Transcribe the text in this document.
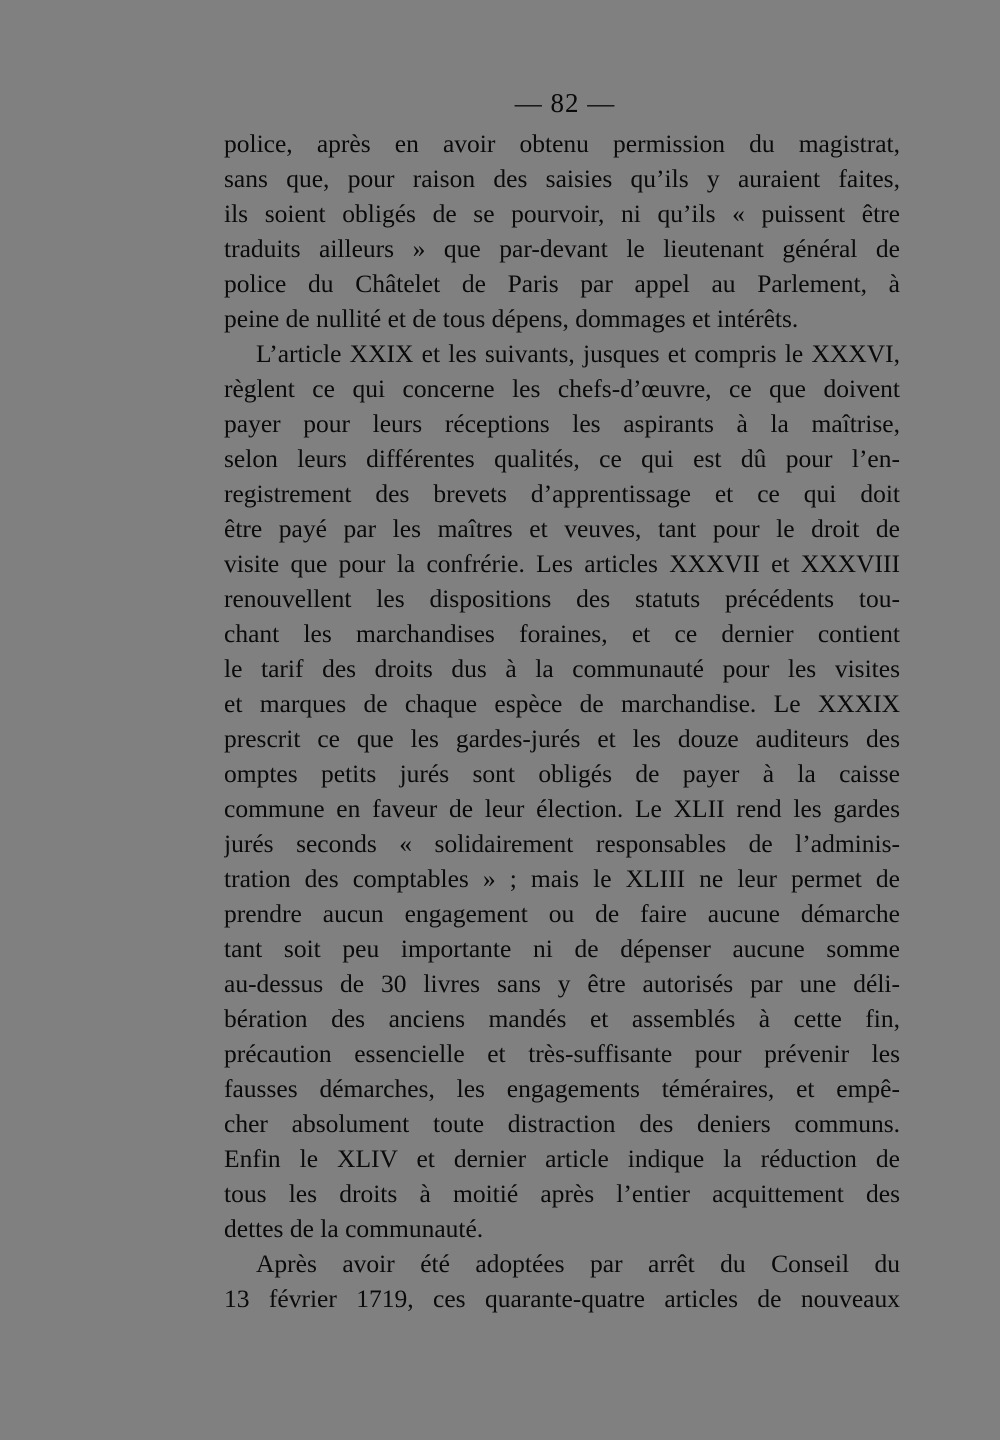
— 82 —
police, après en avoir obtenu permission du magistrat,
sans que, pour raison des saisies qu’ils y auraient faites,
ils soient obligés de se pourvoir, ni qu’ils « puissent être
traduits ailleurs » que par-devant le lieutenant général de
police du Châtelet de Paris par appel au Parlement, à
peine de nullité et de tous dépens, dommages et intérêts.
L’article XXIX et les suivants, jusques et compris le XXXVI,
règlent ce qui concerne les chefs-d’œuvre, ce que doivent
payer pour leurs réceptions les aspirants à la maîtrise,
selon leurs différentes qualités, ce qui est dû pour l’en-
registrement des brevets d’apprentissage et ce qui doit
être payé par les maîtres et veuves, tant pour le droit de
visite que pour la confrérie. Les articles XXXVII et XXXVIII
renouvellent les dispositions des statuts précédents tou-
chant les marchandises foraines, et ce dernier contient
le tarif des droits dus à la communauté pour les visites
et marques de chaque espèce de marchandise. Le XXXIX
prescrit ce que les gardes-jurés et les douze auditeurs des
omptes petits jurés sont obligés de payer à la caisse
commune en faveur de leur élection. Le XLII rend les gardes
jurés seconds « solidairement responsables de l’adminis-
tration des comptables » ; mais le XLIII ne leur permet de
prendre aucun engagement ou de faire aucune démarche
tant soit peu importante ni de dépenser aucune somme
au-dessus de 30 livres sans y être autorisés par une déli-
bération des anciens mandés et assemblés à cette fin,
précaution essencielle et très-suffisante pour prévenir les
fausses démarches, les engagements téméraires, et empê-
cher absolument toute distraction des deniers communs.
Enfin le XLIV et dernier article indique la réduction de
tous les droits à moitié après l’entier acquittement des
dettes de la communauté.
Après avoir été adoptées par arrêt du Conseil du
13 février 1719, ces quarante-quatre articles de nouveaux
